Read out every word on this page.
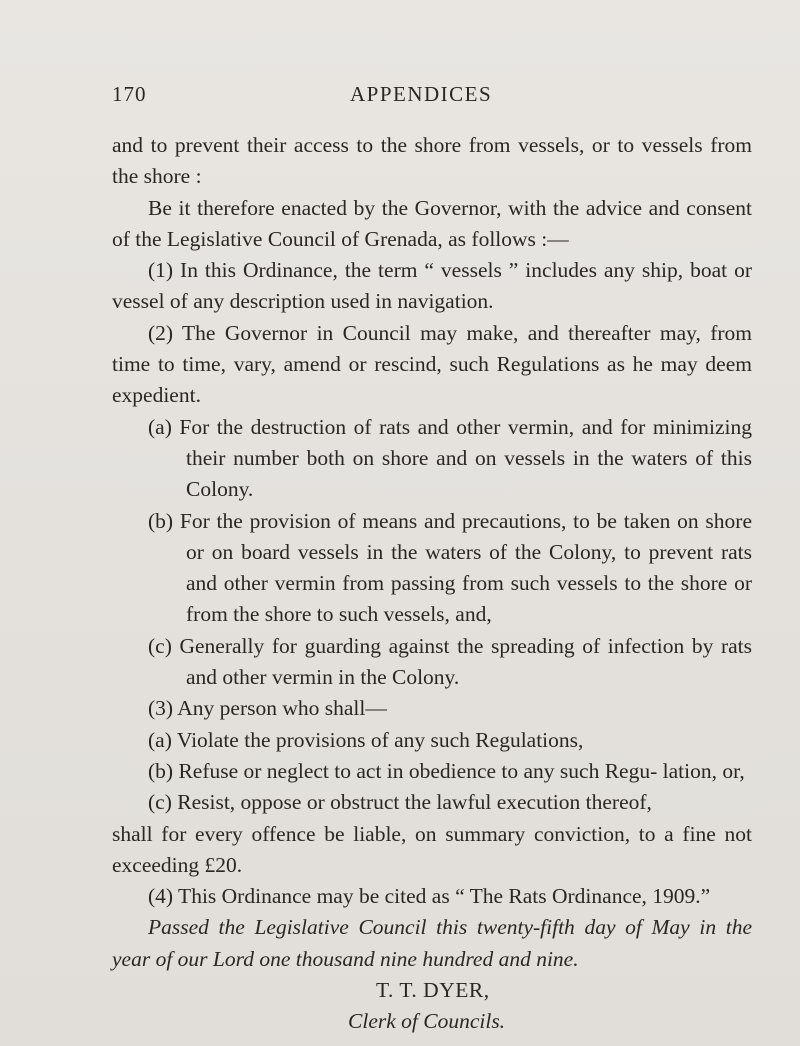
170	APPENDICES

and to prevent their access to the shore from vessels, or to vessels from the shore :

Be it therefore enacted by the Governor, with the advice and consent of the Legislative Council of Grenada, as follows :—

(1) In this Ordinance, the term “ vessels ” includes any ship, boat or vessel of any description used in navigation.

(2) The Governor in Council may make, and thereafter may, from time to time, vary, amend or rescind, such Regulations as he may deem expedient.

(a) For the destruction of rats and other vermin, and for minimizing their number both on shore and on vessels in the waters of this Colony.

(b) For the provision of means and precautions, to be taken on shore or on board vessels in the waters of the Colony, to prevent rats and other vermin from passing from such vessels to the shore or from the shore to such vessels, and,

(c) Generally for guarding against the spreading of infection by rats and other vermin in the Colony.

(3) Any person who shall—

(a) Violate the provisions of any such Regulations,

(b) Refuse or neglect to act in obedience to any such Regu- lation, or,

(c) Resist, oppose or obstruct the lawful execution thereof,

shall for every offence be liable, on summary conviction, to a fine not exceeding £20.

(4) This Ordinance may be cited as “ The Rats Ordinance, 1909.”

Passed the Legislative Council this twenty-fifth day of May in the year of our Lord one thousand nine hundred and nine.

T. T. DYER,

Clerk of Councils.
